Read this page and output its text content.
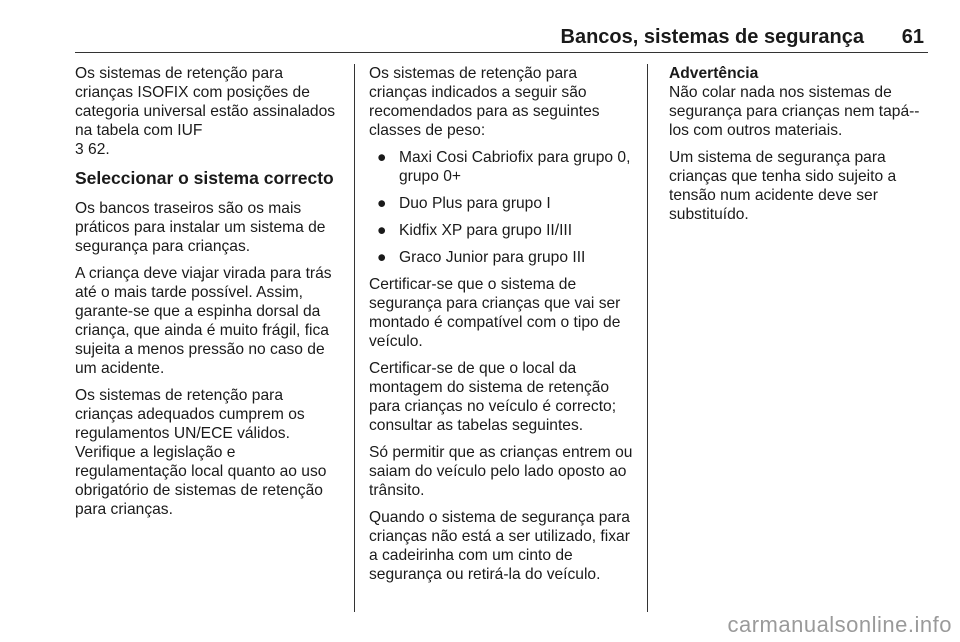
Bancos, sistemas de segurança 61

Os sistemas de retenção para crianças ISOFIX com posições de categoria universal estão assinalados na tabela com IUF
3 62.

Seleccionar o sistema correcto

Os bancos traseiros são os mais práticos para instalar um sistema de segurança para crianças.

A criança deve viajar virada para trás até o mais tarde possível. Assim, garante-se que a espinha dorsal da criança, que ainda é muito frágil, fica sujeita a menos pressão no caso de um acidente.

Os sistemas de retenção para crianças adequados cumprem os regulamentos UN/ECE válidos. Verifique a legislação e regulamentação local quanto ao uso obrigatório de sistemas de retenção para crianças.

Os sistemas de retenção para crianças indicados a seguir são recomendados para as seguintes classes de peso:

● Maxi Cosi Cabriofix para grupo 0, grupo 0+
● Duo Plus para grupo I
● Kidfix XP para grupo II/III
● Graco Junior para grupo III

Certificar-se que o sistema de segurança para crianças que vai ser montado é compatível com o tipo de veículo.

Certificar-se de que o local da montagem do sistema de retenção para crianças no veículo é correcto; consultar as tabelas seguintes.

Só permitir que as crianças entrem ou saiam do veículo pelo lado oposto ao trânsito.

Quando o sistema de segurança para crianças não está a ser utilizado, fixar a cadeirinha com um cinto de segurança ou retirá-la do veículo.

Advertência

Não colar nada nos sistemas de segurança para crianças nem tapá--los com outros materiais.

Um sistema de segurança para crianças que tenha sido sujeito a tensão num acidente deve ser substituído.

carmanualsonline.info
